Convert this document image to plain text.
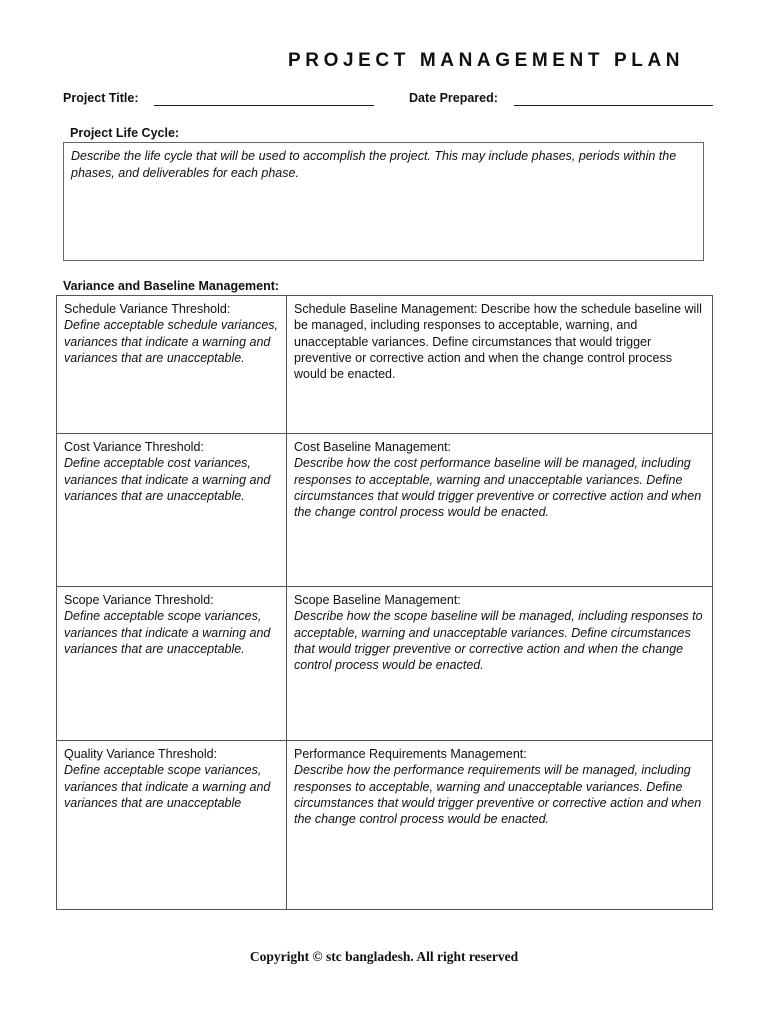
PROJECT MANAGEMENT PLAN
Project Title:	Date Prepared:
Project Life Cycle:
Describe the life cycle that will be used to accomplish the project. This may include phases, periods within the phases, and deliverables for each phase.
Variance and Baseline Management:
Schedule Variance Threshold:
Define acceptable schedule variances, variances that indicate a warning and variances that are unacceptable.	Schedule Baseline Management: Describe how the schedule baseline will be managed, including responses to acceptable, warning, and unacceptable variances. Define circumstances that would trigger preventive or corrective action and when the change control process would be enacted.

Cost Variance Threshold:
Define acceptable cost variances, variances that indicate a warning and variances that are unacceptable.	Cost Baseline Management:
Describe how the cost performance baseline will be managed, including responses to acceptable, warning and unacceptable variances. Define circumstances that would trigger preventive or corrective action and when the change control process would be enacted.

Scope Variance Threshold:
Define acceptable scope variances, variances that indicate a warning and variances that are unacceptable.	Scope Baseline Management:
Describe how the scope baseline will be managed, including responses to acceptable, warning and unacceptable variances. Define circumstances that would trigger preventive or corrective action and when the change control process would be enacted.

Quality Variance Threshold:
Define acceptable scope variances, variances that indicate a warning and variances that are unacceptable	Performance Requirements Management:
Describe how the performance requirements will be managed, including responses to acceptable, warning and unacceptable variances. Define circumstances that would trigger preventive or corrective action and when the change control process would be enacted.
Copyright © stc bangladesh. All right reserved
